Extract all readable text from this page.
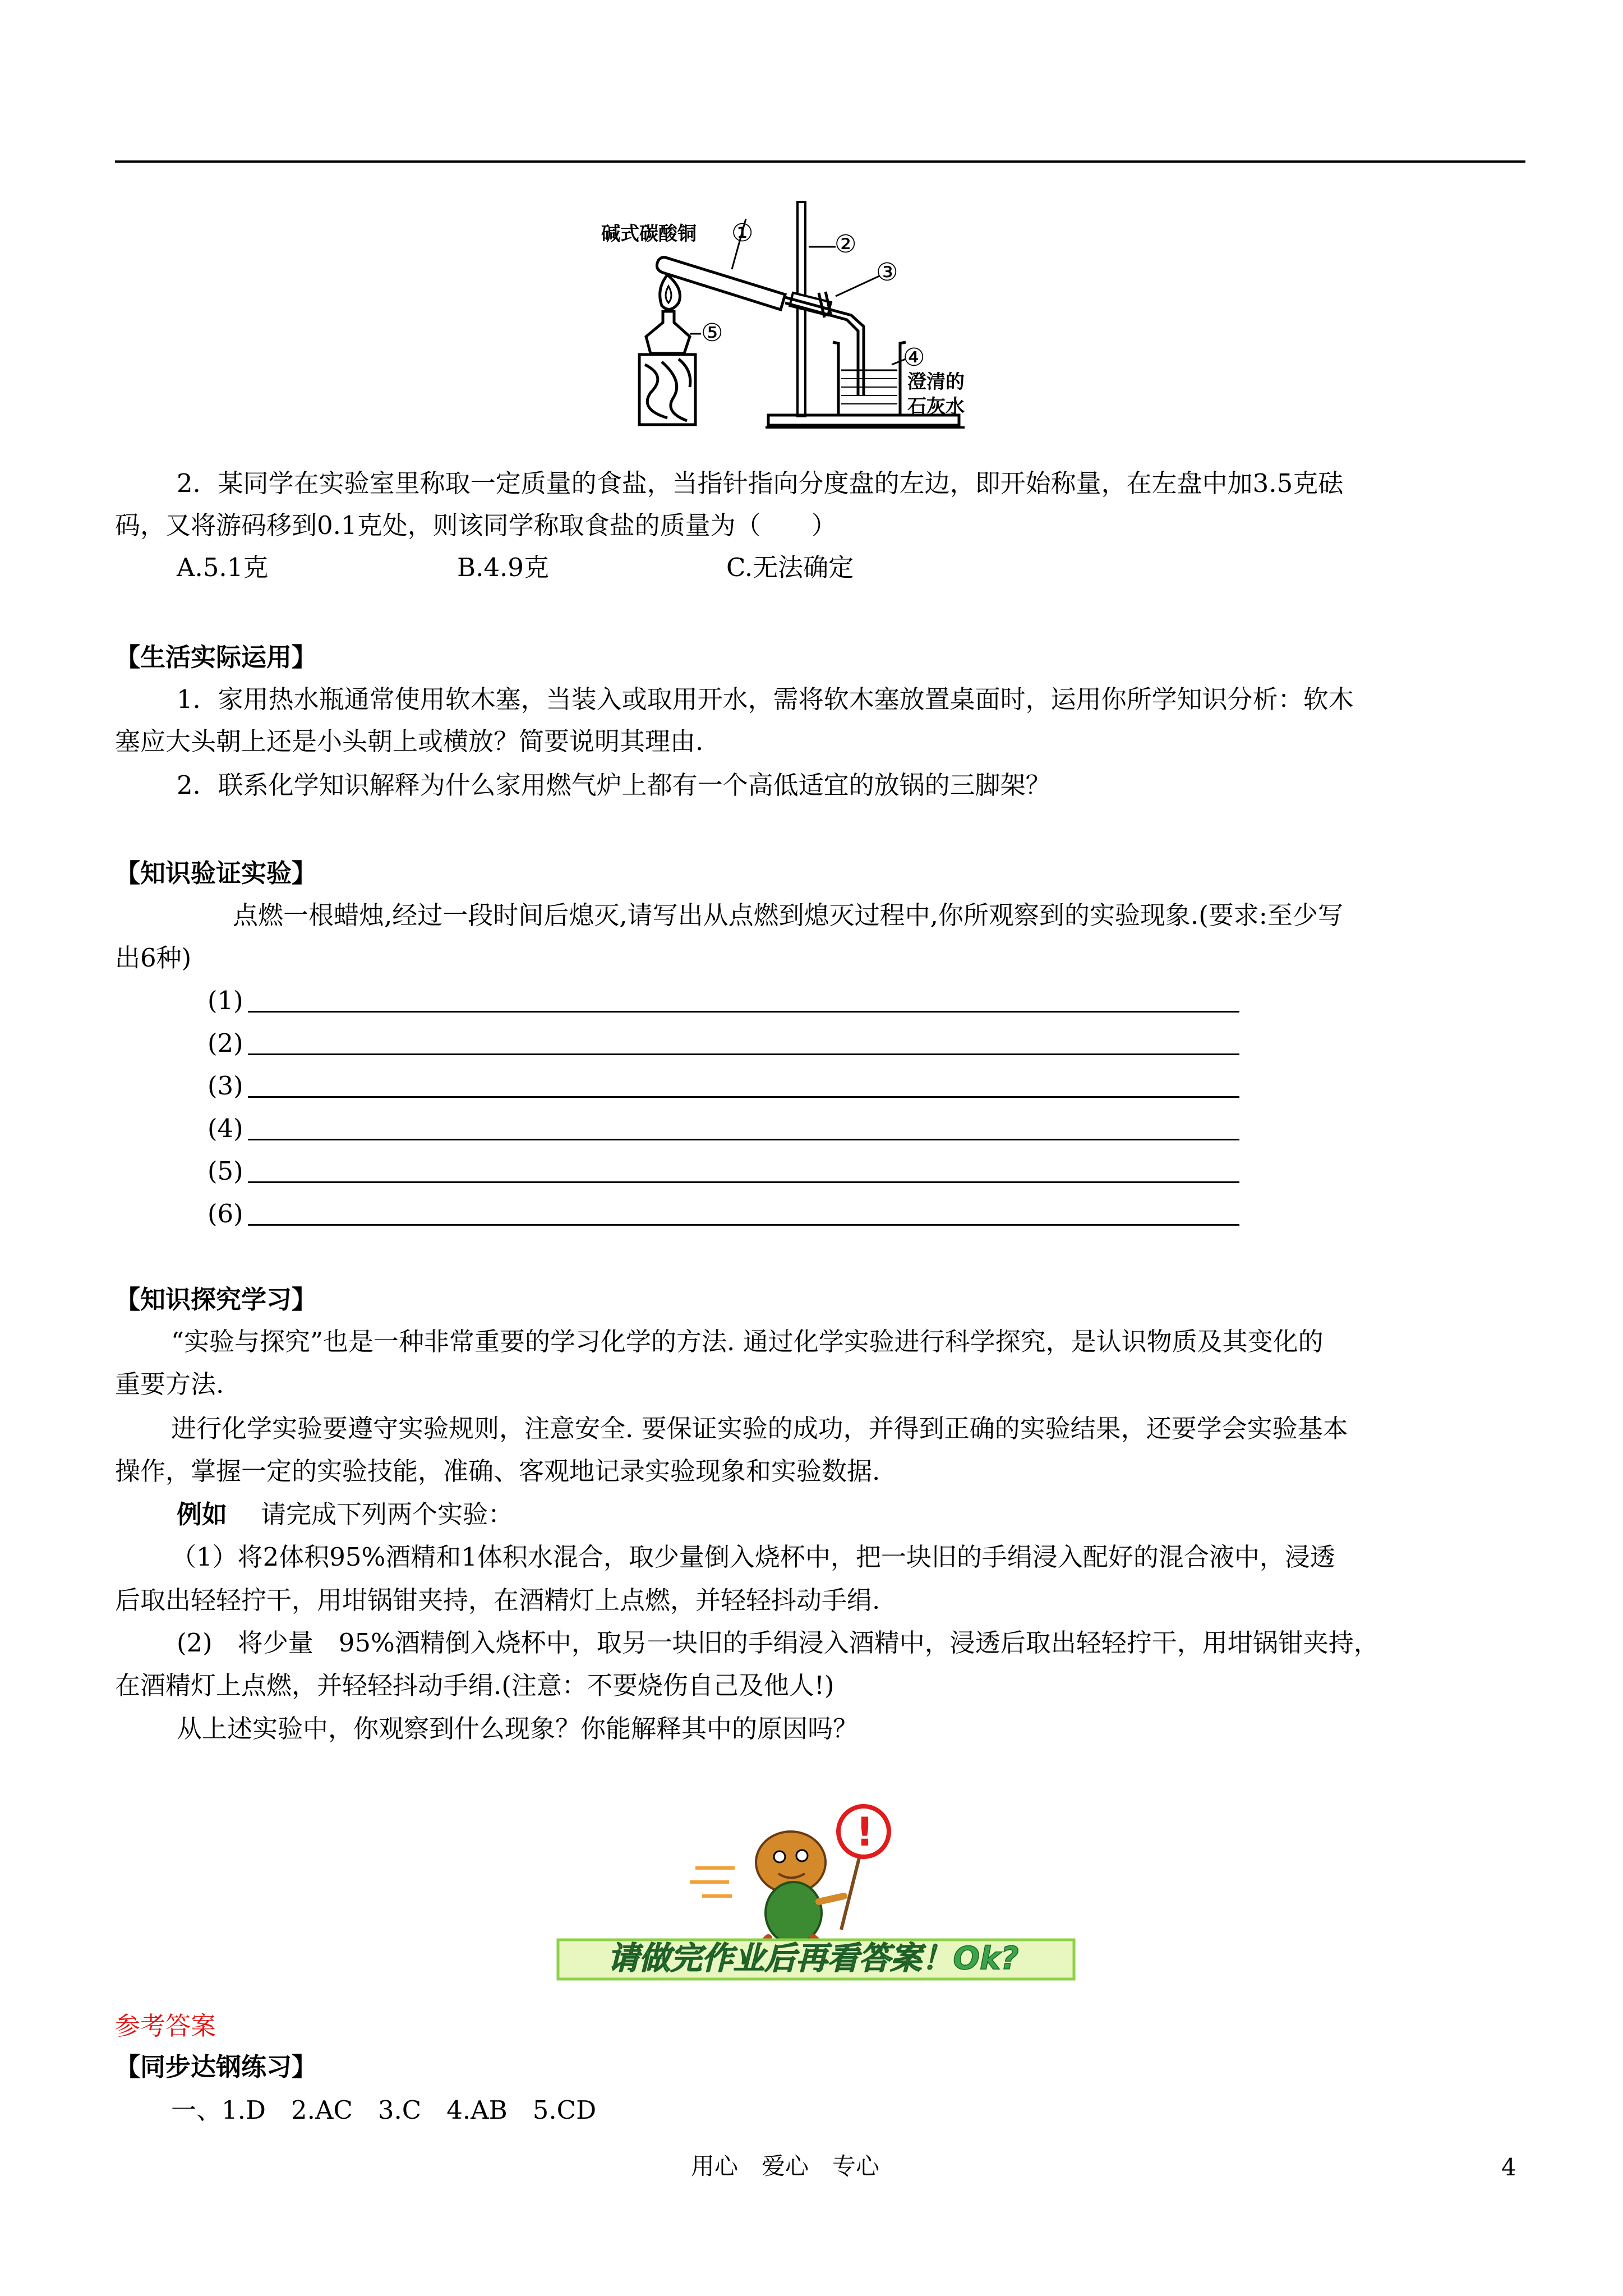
碱式碳酸铜 ①	②
③
④
⑤
澄清的
石灰水
2．某同学在实验室里称取一定质量的食盐，当指针指向分度盘的左边，即开始称量，在左盘中加3.5克砝
码，又将游码移到0.1克处，则该同学称取食盐的质量为（　　）
A.5.1克	B.4.9克	C.无法确定
【生活实际运用】
1．家用热水瓶通常使用软木塞，当装入或取用开水，需将软木塞放置桌面时，运用你所学知识分析：软木
塞应大头朝上还是小头朝上或横放？简要说明其理由.
2．联系化学知识解释为什么家用燃气炉上都有一个高低适宜的放锅的三脚架？
【知识验证实验】
点燃一根蜡烛,经过一段时间后熄灭,请写出从点燃到熄灭过程中,你所观察到的实验现象.(要求:至少写
出6种)
(1)
(2)
(3)
(4)
(5)
(6)
【知识探究学习】
“实验与探究”也是一种非常重要的学习化学的方法. 通过化学实验进行科学探究，是认识物质及其变化的
重要方法.
进行化学实验要遵守实验规则，注意安全. 要保证实验的成功，并得到正确的实验结果，还要学会实验基本
操作，掌握一定的实验技能，准确、客观地记录实验现象和实验数据.
例如 请完成下列两个实验：
（1）将2体积95%酒精和1体积水混合，取少量倒入烧杯中，把一块旧的手绢浸入配好的混合液中，浸透
后取出轻轻拧干，用坩锅钳夹持，在酒精灯上点燃，并轻轻抖动手绢.
(2)　将少量　95%酒精倒入烧杯中，取另一块旧的手绢浸入酒精中，浸透后取出轻轻拧干，用坩锅钳夹持，
在酒精灯上点燃，并轻轻抖动手绢.(注意：不要烧伤自己及他人!)
从上述实验中，你观察到什么现象？你能解释其中的原因吗？
!
请做完作业后再看答案！Ok?
参考答案
【同步达钢练习】
一、1.D　2.AC　3.C　4.AB　5.CD
用心　爱心　专心	4
